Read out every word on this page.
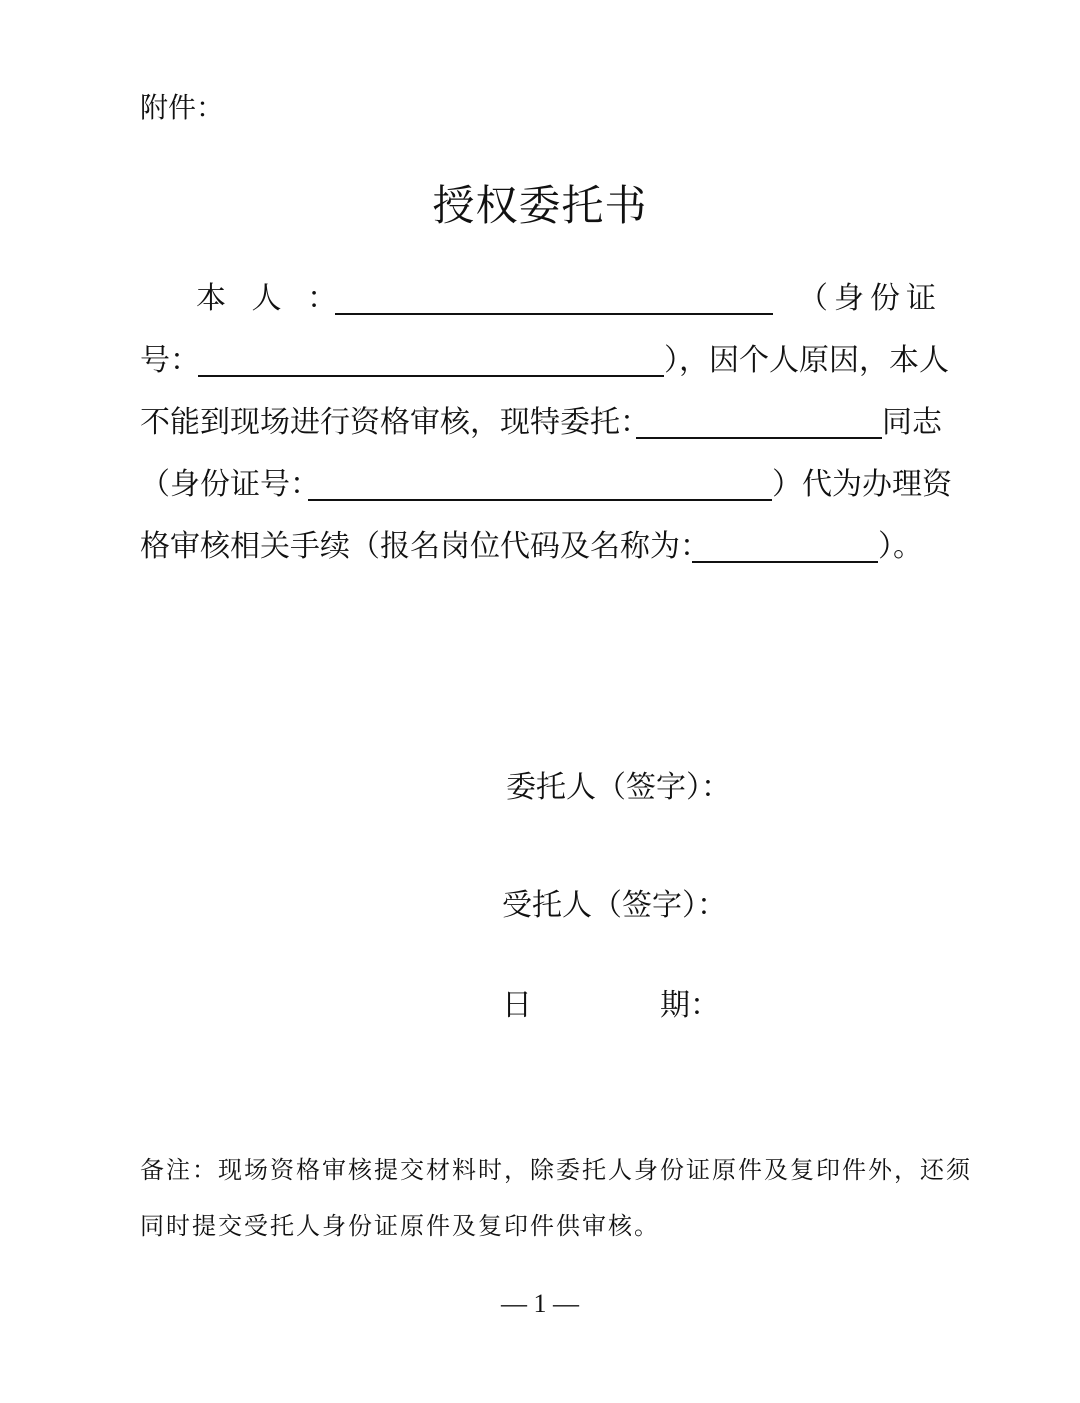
附件：
授权委托书
本 人 ：	（身份证
号：	），因个人原因，本人
不能到现场进行资格审核，现特委托：	同志
（身份证号：	）代为办理资
格审核相关手续（报名岗位代码及名称为：	）。
委托人（签字）：
受托人（签字）：
日	期：
备注：现场资格审核提交材料时，除委托人身份证原件及复印件外，还须
同时提交受托人身份证原件及复印件供审核。
— 1 —
